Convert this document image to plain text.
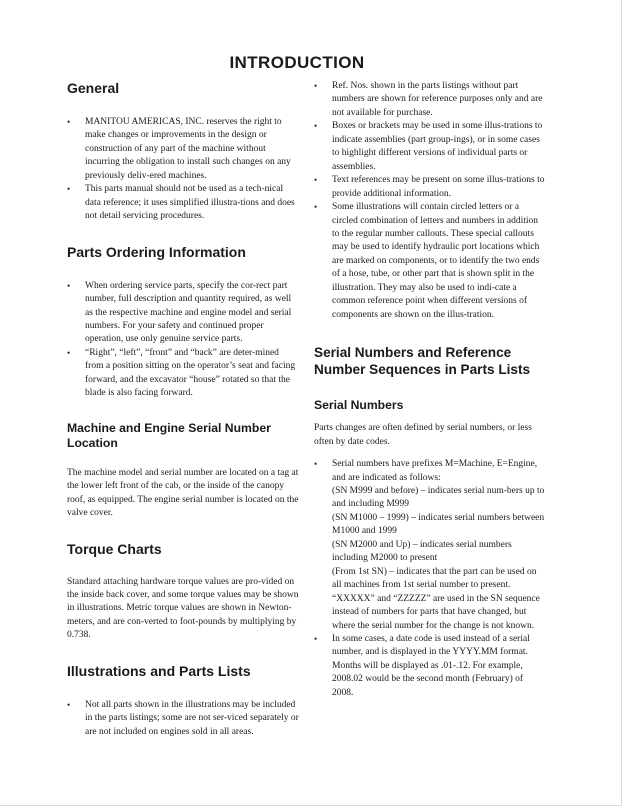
INTRODUCTION
General
• MANITOU AMERICAS, INC. reserves the right to make changes or improvements in the design or construction of any part of the machine without incurring the obligation to install such changes on any previously deliv-ered machines.
• This parts manual should not be used as a tech-nical data reference; it uses simplified illustra-tions and does not detail servicing procedures.
Parts Ordering Information
• When ordering service parts, specify the cor-rect part number, full description and quantity required, as well as the respective machine and engine model and serial numbers. For your safety and continued proper operation, use only genuine service parts.
• “Right”, “left”, “front” and “back” are deter-mined from a position sitting on the operator’s seat and facing forward, and the excavator “house” rotated so that the blade is also facing forward.
Machine and Engine Serial Number Location

The machine model and serial number are located on a tag at the lower left front of the cab, or the inside of the canopy roof, as equipped. The engine serial number is located on the valve cover.

Torque Charts

Standard attaching hardware torque values are pro-vided on the inside back cover, and some torque values may be shown in illustrations. Metric torque values are shown in Newton-meters, and are con-verted to foot-pounds by multiplying by 0.738.

Illustrations and Parts Lists
• Not all parts shown in the illustrations may be included in the parts listings; some are not ser-viced separately or are not included on engines sold in all areas.
• Ref. Nos. shown in the parts listings without part numbers are shown for reference purposes only and are not available for purchase.
• Boxes or brackets may be used in some illus-trations to indicate assemblies (part group-ings), or in some cases to highlight different versions of individual parts or assemblies.
• Text references may be present on some illus-trations to provide additional information.
• Some illustrations will contain circled letters or a circled combination of letters and numbers in addition to the regular number callouts. These special callouts may be used to identify hydraulic port locations which are marked on components, or to identify the two ends of a hose, tube, or other part that is shown split in the illustration. They may also be used to indi-cate a common reference point when different versions of components are shown on the illus-tration.
Serial Numbers and Reference Number Sequences in Parts Lists
Serial Numbers

Parts changes are often defined by serial numbers, or less often by date codes.

• Serial numbers have prefixes M=Machine, E=Engine, and are indicated as follows:
(SN M999 and before) – indicates serial num-bers up to and including M999
(SN M1000 – 1999) – indicates serial numbers between M1000 and 1999
(SN M2000 and Up) – indicates serial numbers including M2000 to present
(From 1st SN) – indicates that the part can be used on all machines from 1st serial number to present.
“XXXXX” and “ZZZZZ” are used in the SN sequence instead of numbers for parts that have changed, but where the serial number for the change is not known.
• In some cases, a date code is used instead of a serial number, and is displayed in the YYYY.MM format. Months will be displayed as .01-.12. For example, 2008.02 would be the second month (February) of 2008.
